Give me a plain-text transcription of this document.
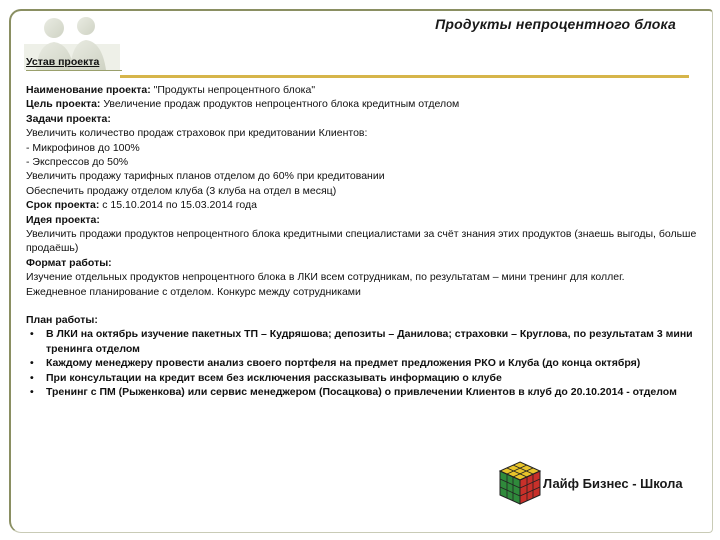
Продукты непроцентного блока
Устав проекта
Наименование проекта: "Продукты непроцентного блока"
Цель проекта: Увеличение продаж продуктов непроцентного блока кредитным отделом
Задачи проекта:
Увеличить количество продаж страховок при кредитовании Клиентов:
- Микрофинов до 100%
- Экспрессов до 50%
Увеличить продажу тарифных планов отделом до 60% при кредитовании
Обеспечить продажу отделом клуба (3 клуба на отдел в месяц)
Срок проекта: с 15.10.2014 по 15.03.2014 года
Идея проекта:
Увеличить продажи продуктов непроцентного блока кредитными специалистами за счёт знания этих продуктов (знаешь выгоды, больше продаёшь)
Формат работы:
Изучение отдельных продуктов непроцентного блока в ЛКИ всем сотрудникам, по результатам – мини тренинг для коллег.
Ежедневное планирование с отделом. Конкурс между сотрудниками
План работы:
• В ЛКИ на октябрь изучение пакетных ТП – Кудряшова; депозиты – Данилова; страховки – Круглова, по результатам 3 мини тренинга отделом
• Каждому менеджеру провести анализ своего портфеля на предмет предложения РКО и Клуба (до конца октября)
• При консультации на кредит всем без исключения рассказывать информацию о клубе
• Тренинг с ПМ (Рыженкова) или сервис менеджером (Посацкова) о привлечении Клиентов в клуб до 20.10.2014 - отделом
Лайф Бизнес - Школа
